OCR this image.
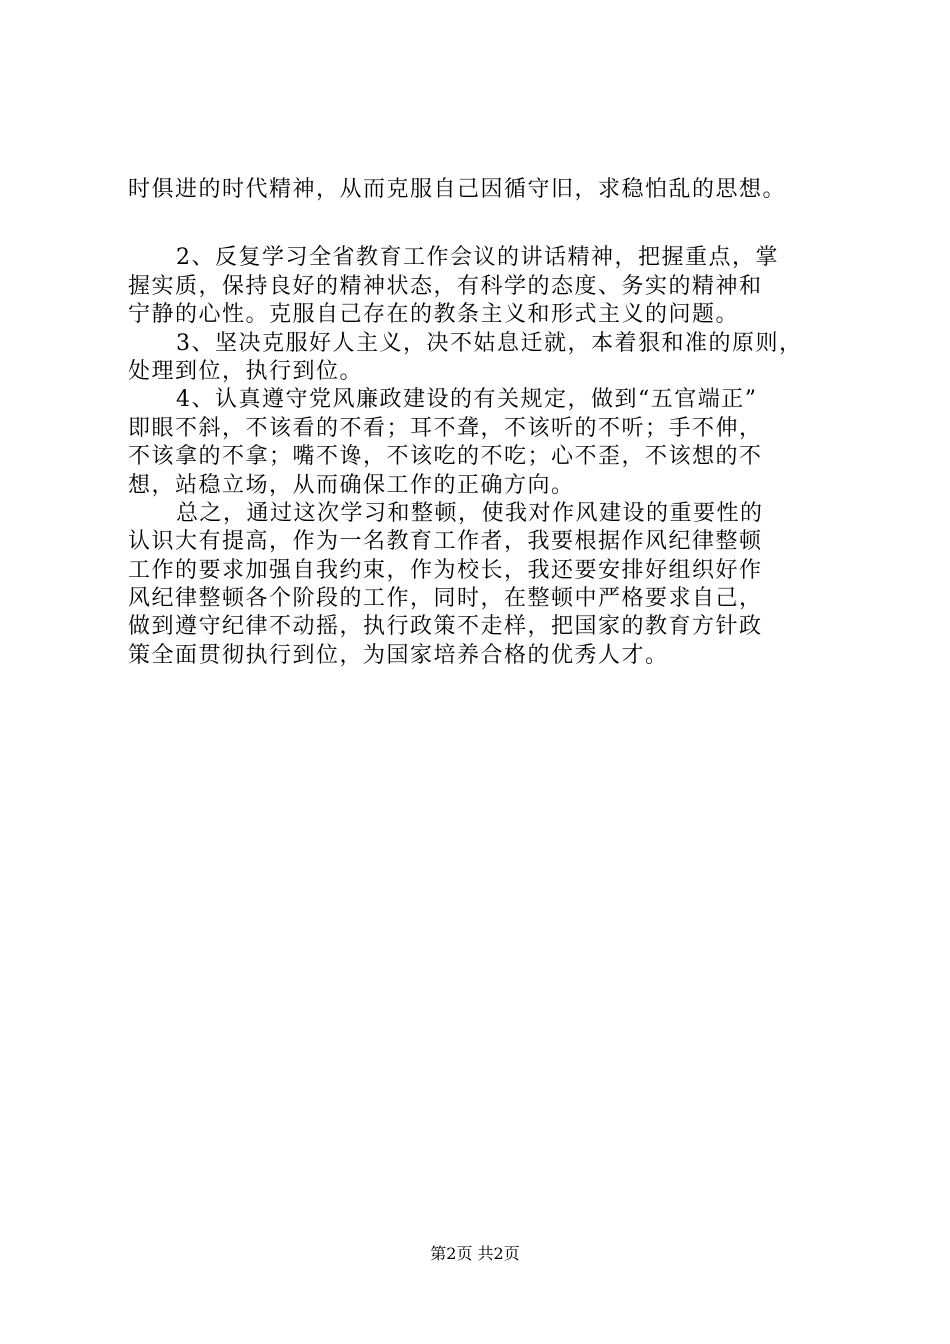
时俱进的时代精神，从而克服自己因循守旧，求稳怕乱的思想。
2、反复学习全省教育工作会议的讲话精神，把握重点，掌
握实质，保持良好的精神状态，有科学的态度、务实的精神和
宁静的心性。克服自己存在的教条主义和形式主义的问题。
3、坚决克服好人主义，决不姑息迁就，本着狠和准的原则，
处理到位，执行到位。
4、认真遵守党风廉政建设的有关规定，做到“五官端正”
即眼不斜，不该看的不看；耳不聋，不该听的不听；手不伸，
不该拿的不拿；嘴不谗，不该吃的不吃；心不歪，不该想的不
想，站稳立场，从而确保工作的正确方向。
总之，通过这次学习和整顿，使我对作风建设的重要性的
认识大有提高，作为一名教育工作者，我要根据作风纪律整顿
工作的要求加强自我约束，作为校长，我还要安排好组织好作
风纪律整顿各个阶段的工作，同时，在整顿中严格要求自己，
做到遵守纪律不动摇，执行政策不走样，把国家的教育方针政
策全面贯彻执行到位，为国家培养合格的优秀人才。
第2页 共2页
